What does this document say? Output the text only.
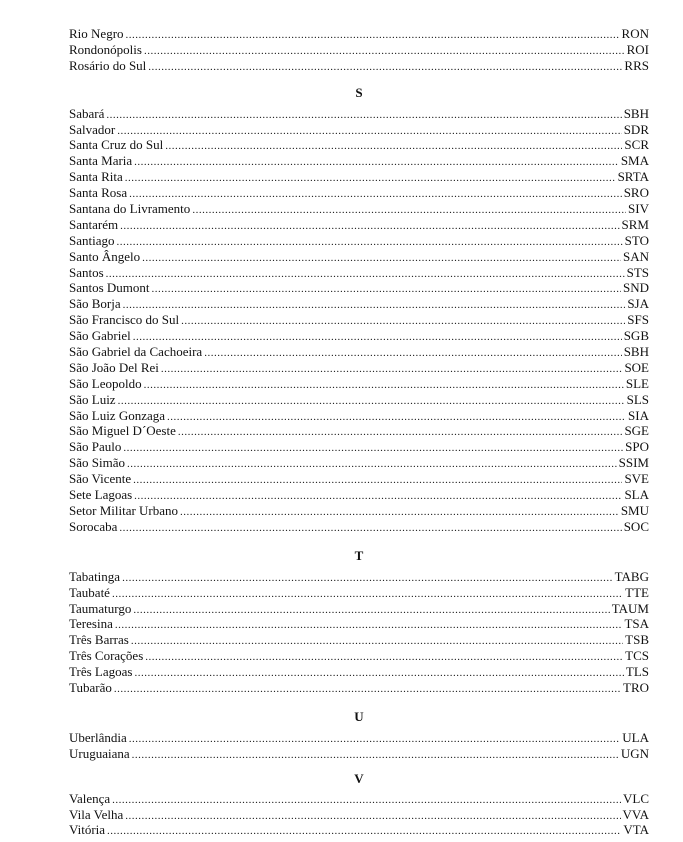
Rio Negro .....	RON
Rondonópolis .....	ROI
Rosário do Sul .....	RRS
S
Sabará .....	SBH
Salvador .....	SDR
Santa Cruz do Sul .....	SCR
Santa Maria .....	SMA
Santa Rita .....	SRTA
Santa Rosa .....	SRO
Santana do Livramento .....	SIV
Santarém .....	SRM
Santiago .....	STO
Santo Ângelo .....	SAN
Santos .....	STS
Santos Dumont .....	SND
São Borja .....	SJA
São Francisco do Sul .....	SFS
São Gabriel .....	SGB
São Gabriel da Cachoeira .....	SBH
São João Del Rei .....	SOE
São Leopoldo .....	SLE
São Luiz .....	SLS
São Luiz Gonzaga .....	SIA
São Miguel D´Oeste .....	SGE
São Paulo .....	SPO
São Simão .....	SSIM
São Vicente .....	SVE
Sete Lagoas .....	SLA
Setor Militar Urbano .....	SMU
Sorocaba .....	SOC
T
Tabatinga .....	TABG
Taubaté .....	TTE
Taumaturgo .....	TAUM
Teresina .....	TSA
Três Barras .....	TSB
Três Corações .....	TCS
Três Lagoas .....	TLS
Tubarão .....	TRO
U
Uberlândia .....	ULA
Uruguaiana .....	UGN
V
Valença .....	VLC
Vila Velha .....	VVA
Vitória .....	VTA
